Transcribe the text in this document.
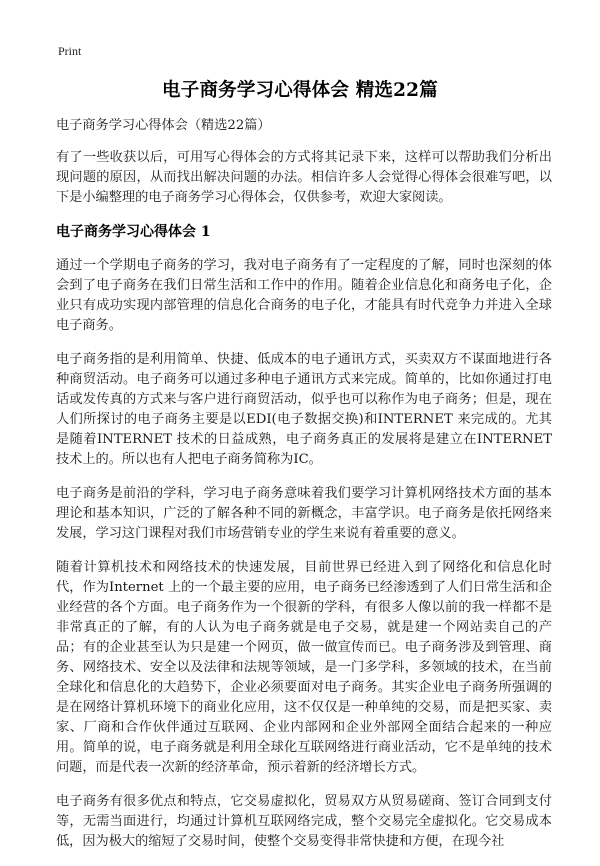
Print
电子商务学习心得体会 精选22篇

电子商务学习心得体会（精选22篇）

有了一些收获以后，可用写心得体会的方式将其记录下来，这样可以帮助我们分析出现问题的原因，从而找出解决问题的办法。相信许多人会觉得心得体会很难写吧，以下是小编整理的电子商务学习心得体会，仅供参考，欢迎大家阅读。

电子商务学习心得体会 1

通过一个学期电子商务的学习，我对电子商务有了一定程度的了解，同时也深刻的体会到了电子商务在我们日常生活和工作中的作用。随着企业信息化和商务电子化，企业只有成功实现内部管理的信息化合商务的电子化，才能具有时代竞争力并进入全球电子商务。

电子商务指的是利用简单、快捷、低成本的电子通讯方式，买卖双方不谋面地进行各种商贸活动。电子商务可以通过多种电子通讯方式来完成。简单的，比如你通过打电话或发传真的方式来与客户进行商贸活动，似乎也可以称作为电子商务；但是，现在人们所探讨的电子商务主要是以EDI(电子数据交换)和INTERNET 来完成的。尤其是随着INTERNET 技术的日益成熟，电子商务真正的发展将是建立在INTERNET 技术上的。所以也有人把电子商务简称为IC。

电子商务是前沿的学科，学习电子商务意味着我们要学习计算机网络技术方面的基本理论和基本知识，广泛的了解各种不同的新概念，丰富学识。电子商务是依托网络来发展，学习这门课程对我们市场营销专业的学生来说有着重要的意义。

随着计算机技术和网络技术的快速发展，目前世界已经进入到了网络化和信息化时代，作为Internet 上的一个最主要的应用，电子商务已经渗透到了人们日常生活和企业经营的各个方面。电子商务作为一个很新的学科，有很多人像以前的我一样都不是非常真正的了解，有的人认为电子商务就是电子交易，就是建一个网站卖自己的产品；有的企业甚至认为只是建一个网页，做一做宣传而已。电子商务涉及到管理、商务、网络技术、安全以及法律和法规等领域，是一门多学科，多领域的技术，在当前全球化和信息化的大趋势下，企业必须要面对电子商务。其实企业电子商务所强调的是在网络计算机环境下的商业化应用，这不仅仅是一种单纯的交易，而是把买家、卖家、厂商和合作伙伴通过互联网、企业内部网和企业外部网全面结合起来的一种应用。简单的说，电子商务就是利用全球化互联网络进行商业活动，它不是单纯的技术问题，而是代表一次新的经济革命，预示着新的经济增长方式。

电子商务有很多优点和特点，它交易虚拟化，贸易双方从贸易磋商、签订合同到支付等，无需当面进行，均通过计算机互联网络完成，整个交易完全虚拟化。它交易成本低，因为极大的缩短了交易时间，使整个交易变得非常快捷和方便，在现今社
